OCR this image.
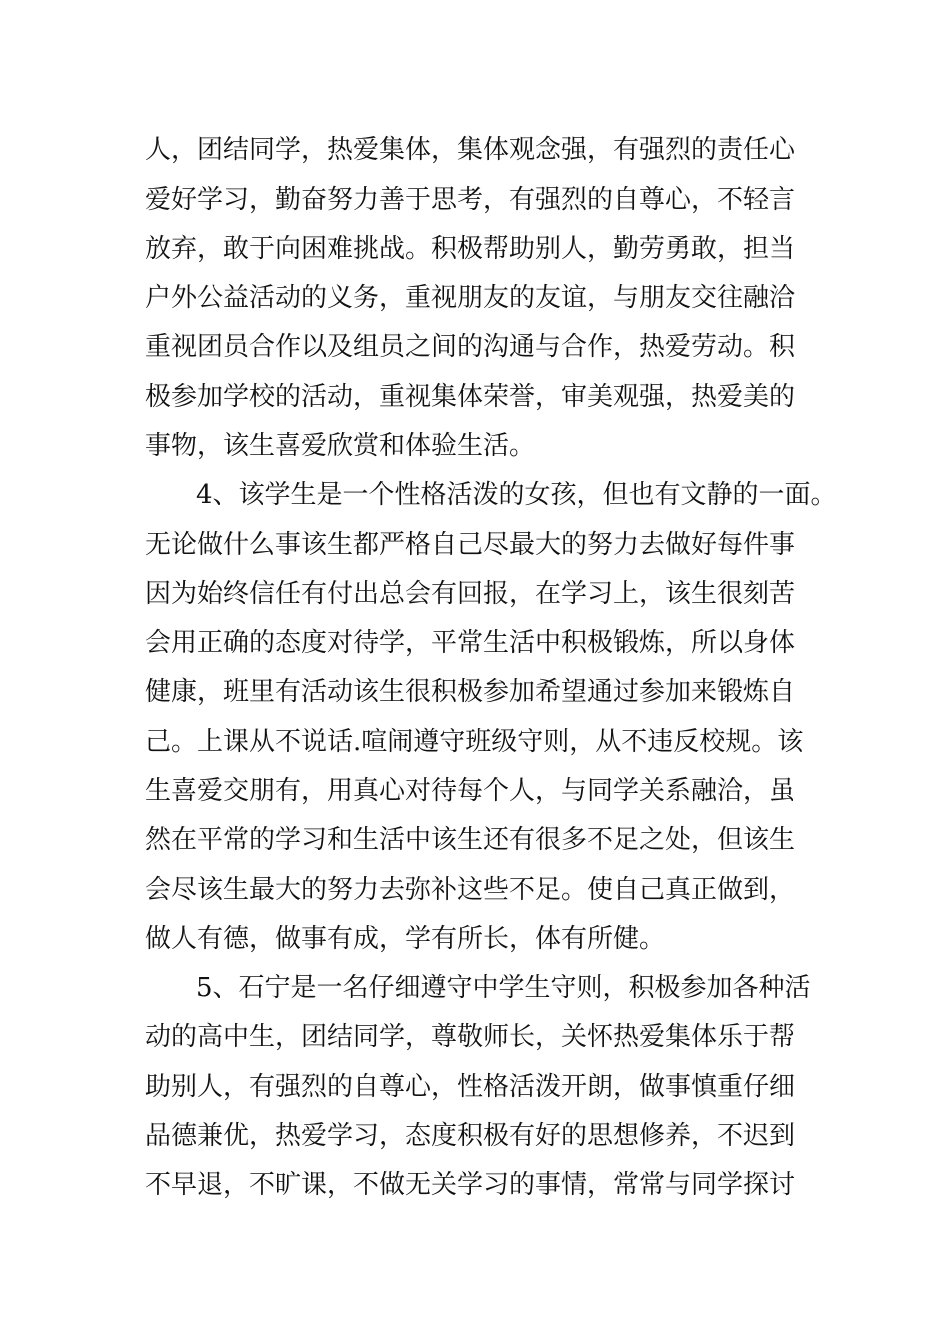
人，团结同学，热爱集体，集体观念强，有强烈的责任心
爱好学习，勤奋努力善于思考，有强烈的自尊心，不轻言
放弃，敢于向困难挑战。积极帮助别人，勤劳勇敢，担当
户外公益活动的义务，重视朋友的友谊，与朋友交往融洽
重视团员合作以及组员之间的沟通与合作，热爱劳动。积
极参加学校的活动，重视集体荣誉，审美观强，热爱美的
事物，该生喜爱欣赏和体验生活。
4、该学生是一个性格活泼的女孩，但也有文静的一面。
无论做什么事该生都严格自己尽最大的努力去做好每件事
因为始终信任有付出总会有回报，在学习上，该生很刻苦
会用正确的态度对待学，平常生活中积极锻炼，所以身体
健康，班里有活动该生很积极参加希望通过参加来锻炼自
己。上课从不说话.喧闹遵守班级守则，从不违反校规。该
生喜爱交朋有，用真心对待每个人，与同学关系融洽，虽
然在平常的学习和生活中该生还有很多不足之处，但该生
会尽该生最大的努力去弥补这些不足。使自己真正做到，
做人有德，做事有成，学有所长，体有所健。
5、石宁是一名仔细遵守中学生守则，积极参加各种活
动的高中生，团结同学，尊敬师长，关怀热爱集体乐于帮
助别人，有强烈的自尊心，性格活泼开朗，做事慎重仔细
品德兼优，热爱学习，态度积极有好的思想修养，不迟到
不早退，不旷课，不做无关学习的事情，常常与同学探讨
